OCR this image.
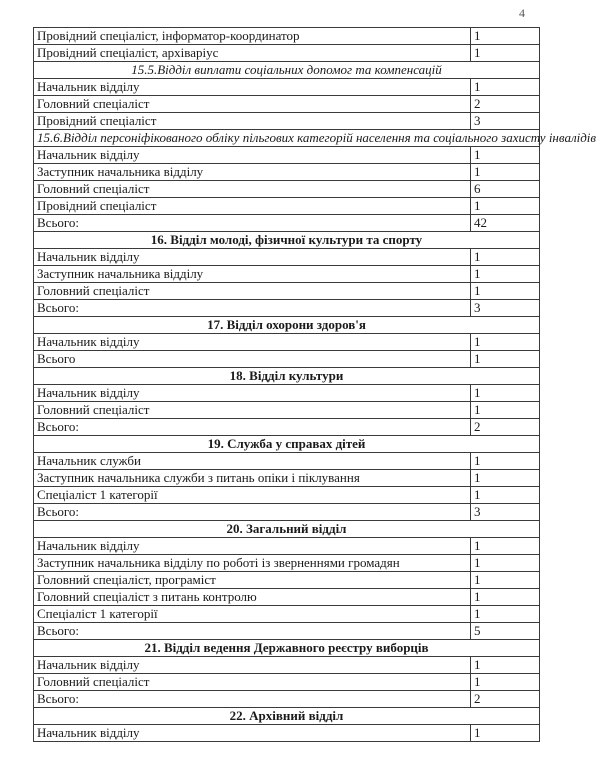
4
Провідний спеціаліст, інформатор-координатор	1
Провідний спеціаліст, архіваріус	1
15.5.Відділ виплати соціальних допомог та компенсацій	
Начальник відділу	1
Головний спеціаліст	2
Провідний спеціаліст	3
15.6.Відділ персоніфікованого обліку пільгових категорій населення та соціального захисту інвалідів	
Начальник відділу	1
Заступник начальника відділу	1
Головний спеціаліст	6
Провідний спеціаліст	1
Всього:	42
16. Відділ молоді, фізичної культури та спорту	
Начальник відділу	1
Заступник начальника відділу	1
Головний спеціаліст	1
Всього:	3
17. Відділ охорони здоров'я	
Начальник відділу	1
Всього	1
18. Відділ культури	
Начальник відділу	1
Головний спеціаліст	1
Всього:	2
19. Служба у справах дітей	
Начальник служби	1
Заступник начальника служби з питань опіки і піклування	1
Спеціаліст 1 категорії	1
Всього:	3
20. Загальний відділ	
Начальник відділу	1
Заступник начальника відділу по роботі із зверненнями громадян	1
Головний спеціаліст, програміст	1
Головний спеціаліст з питань контролю	1
Спеціаліст 1 категорії	1
Всього:	5
21. Відділ ведення Державного реєстру виборців	
Начальник відділу	1
Головний спеціаліст	1
Всього:	2
22. Архівний відділ	
Начальник відділу	1
